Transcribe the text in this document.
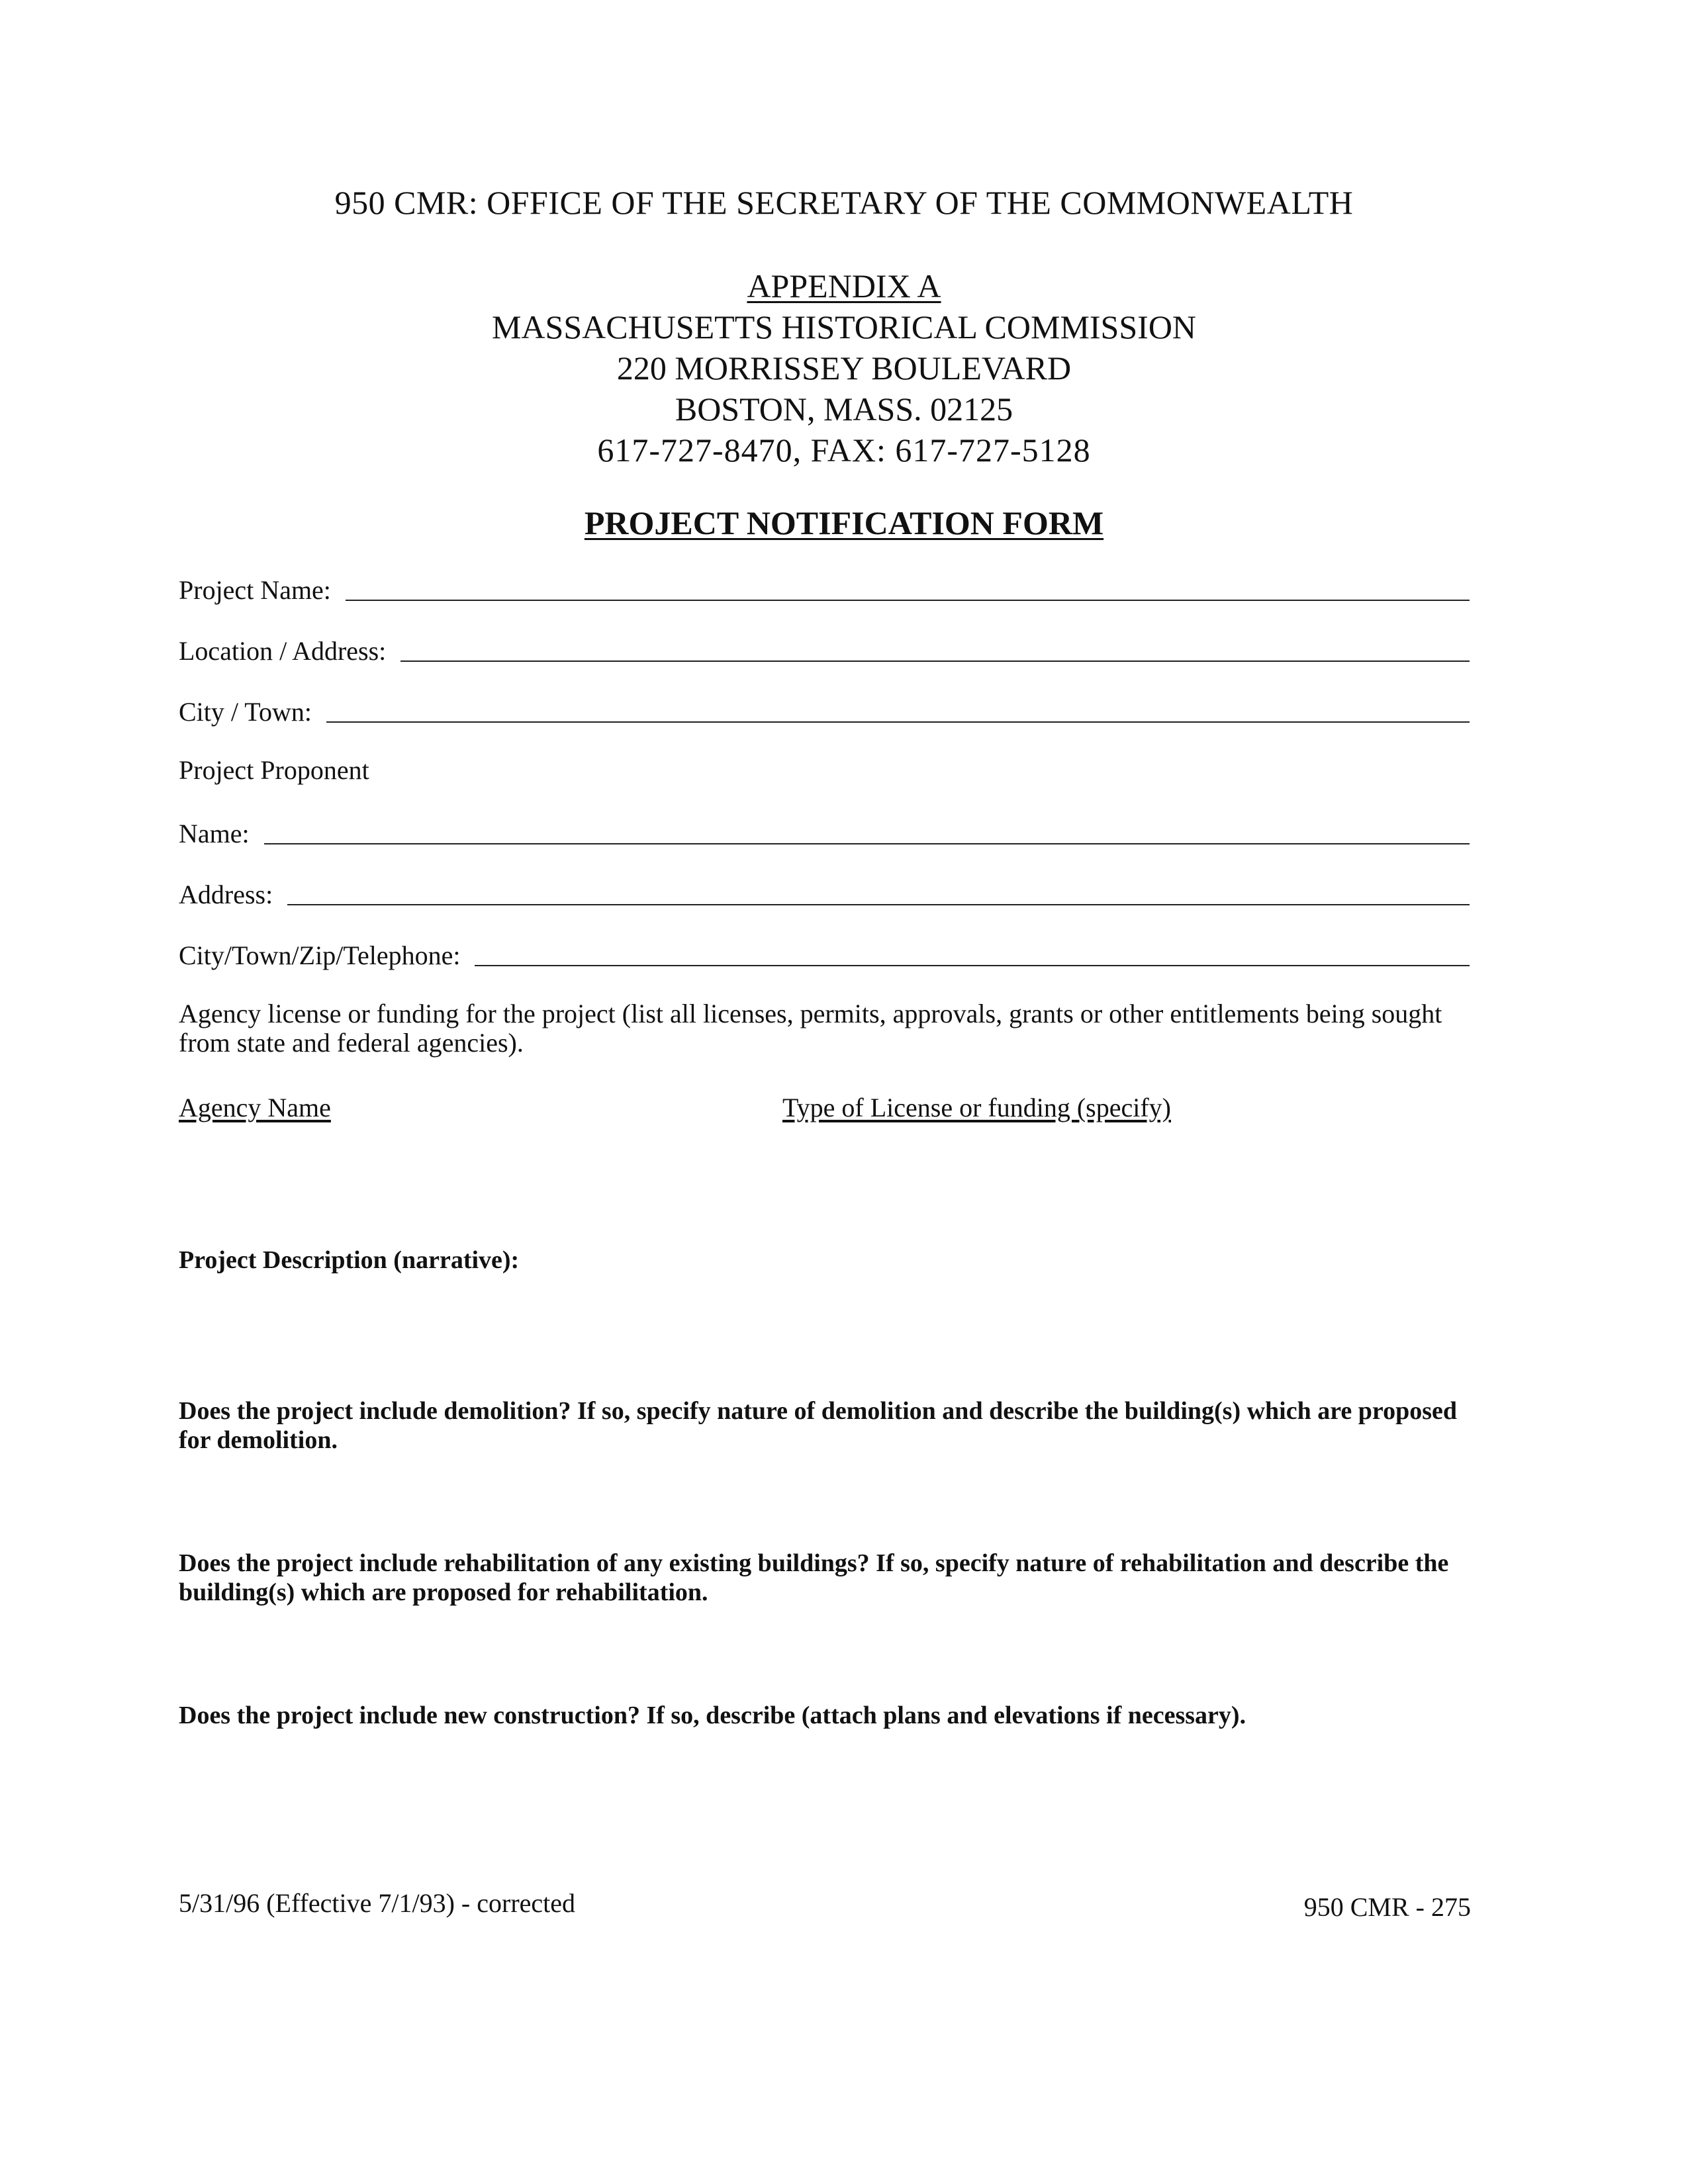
950 CMR: OFFICE OF THE SECRETARY OF THE COMMONWEALTH
APPENDIX A
MASSACHUSETTS HISTORICAL COMMISSION
220 MORRISSEY BOULEVARD
BOSTON, MASS. 02125
617-727-8470, FAX: 617-727-5128
PROJECT NOTIFICATION FORM
Project Name:
Location / Address:
City / Town:
Project Proponent
Name:
Address:
City/Town/Zip/Telephone:
Agency license or funding for the project (list all licenses, permits, approvals, grants or other entitlements being sought from state and federal agencies).
Agency Name	Type of License or funding (specify)
Project Description (narrative):
Does the project include demolition? If so, specify nature of demolition and describe the building(s) which are proposed for demolition.
Does the project include rehabilitation of any existing buildings? If so, specify nature of rehabilitation and describe the building(s) which are proposed for rehabilitation.
Does the project include new construction? If so, describe (attach plans and elevations if necessary).
5/31/96 (Effective 7/1/93) - corrected	950 CMR - 275
